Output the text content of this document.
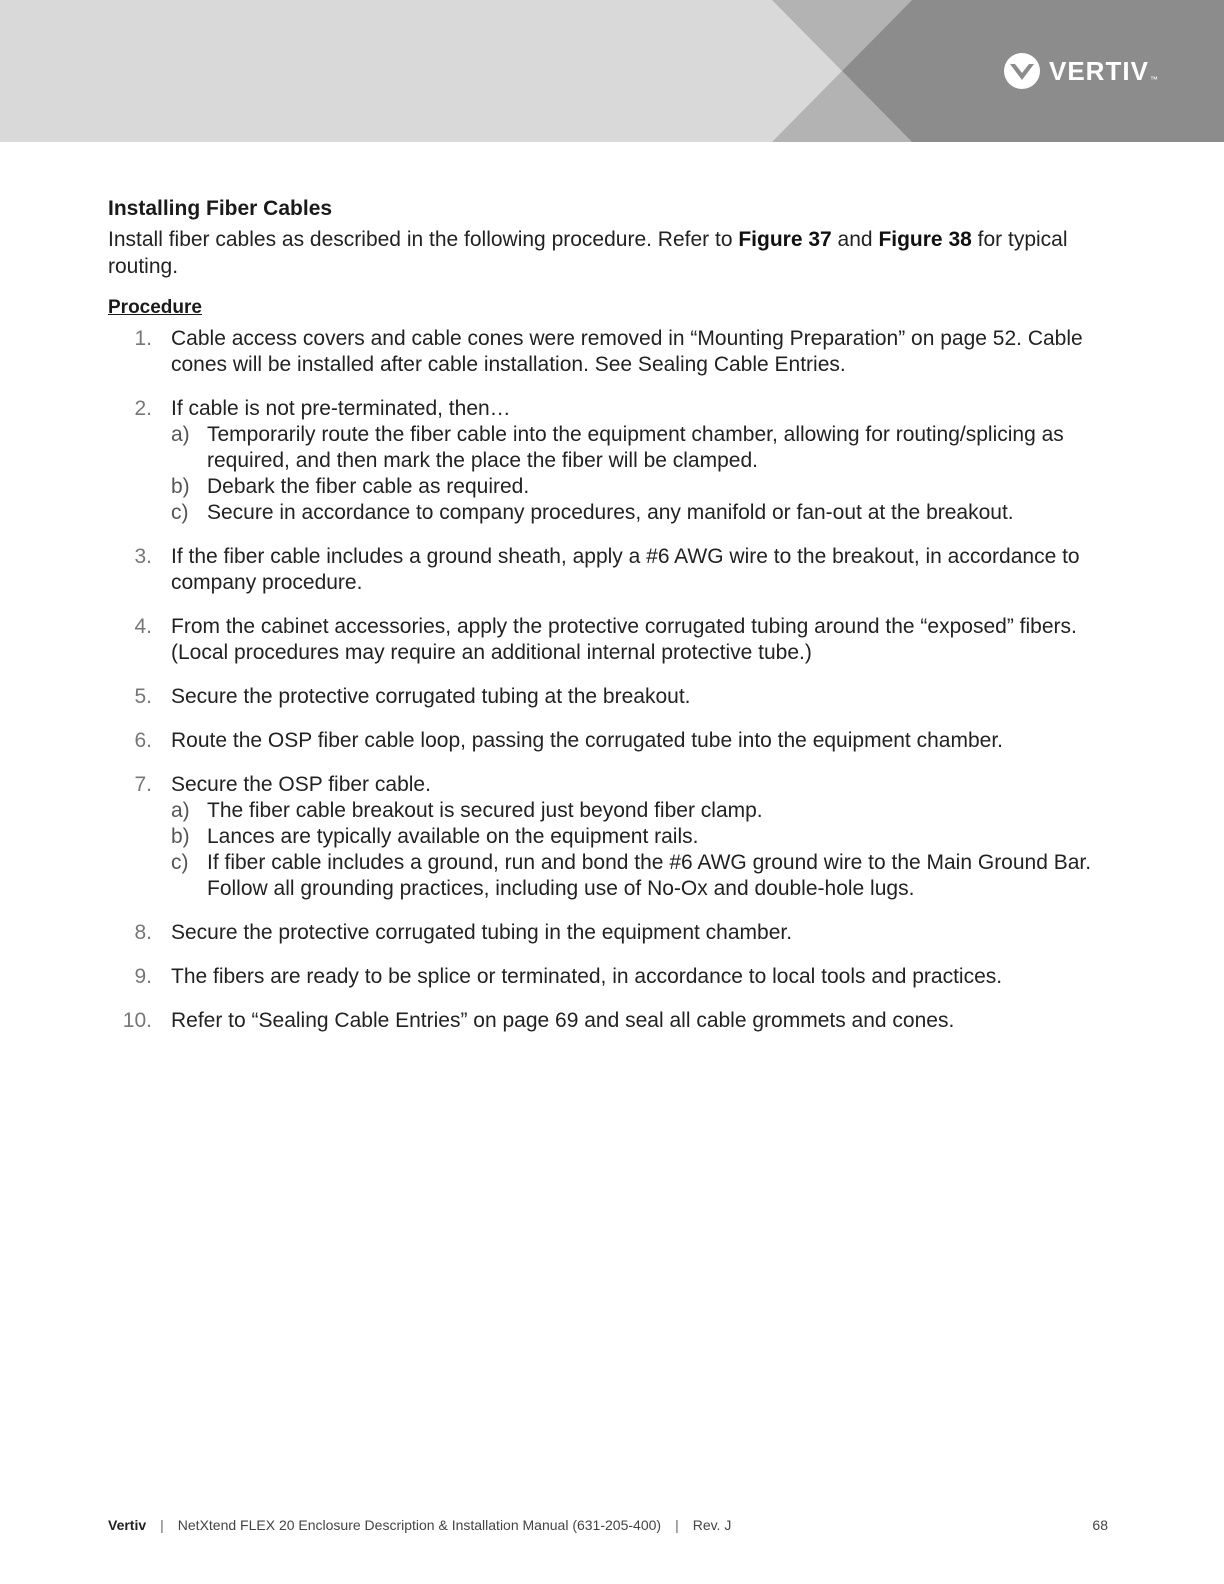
VERTIV ™
Installing Fiber Cables

Install fiber cables as described in the following procedure. Refer to Figure 37 and Figure 38 for typical routing.

Procedure
1. Cable access covers and cable cones were removed in “Mounting Preparation” on page 52. Cable cones will be installed after cable installation. See Sealing Cable Entries.
2. If cable is not pre-terminated, then…
a) Temporarily route the fiber cable into the equipment chamber, allowing for routing/splicing as required, and then mark the place the fiber will be clamped.
b) Debark the fiber cable as required.
c) Secure in accordance to company procedures, any manifold or fan-out at the breakout.
3. If the fiber cable includes a ground sheath, apply a #6 AWG wire to the breakout, in accordance to company procedure.
4. From the cabinet accessories, apply the protective corrugated tubing around the “exposed” fibers. (Local procedures may require an additional internal protective tube.)
5. Secure the protective corrugated tubing at the breakout.
6. Route the OSP fiber cable loop, passing the corrugated tube into the equipment chamber.
7. Secure the OSP fiber cable.
a) The fiber cable breakout is secured just beyond fiber clamp.
b) Lances are typically available on the equipment rails.
c) If fiber cable includes a ground, run and bond the #6 AWG ground wire to the Main Ground Bar. Follow all grounding practices, including use of No-Ox and double-hole lugs.
8. Secure the protective corrugated tubing in the equipment chamber.
9. The fibers are ready to be splice or terminated, in accordance to local tools and practices.
10. Refer to “Sealing Cable Entries” on page 69 and seal all cable grommets and cones.
Vertiv | NetXtend FLEX 20 Enclosure Description & Installation Manual (631-205-400) | Rev. J	68
